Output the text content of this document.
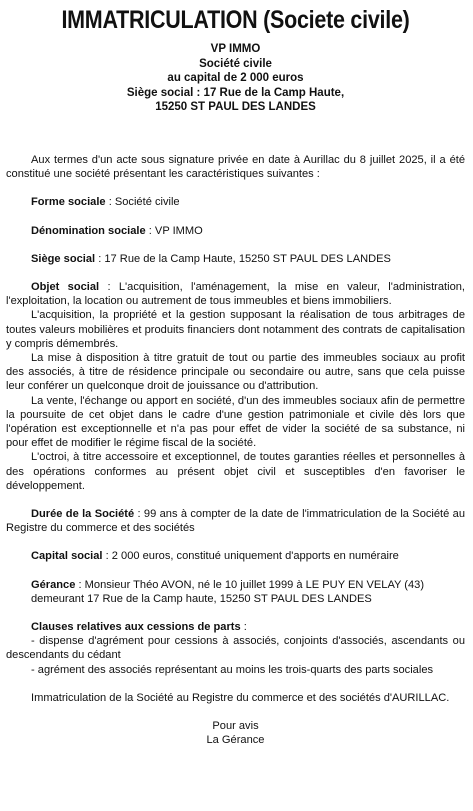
IMMATRICULATION (Societe civile)
VP IMMO
Société civile
au capital de 2 000 euros
Siège social : 17 Rue de la Camp Haute,
15250 ST PAUL DES LANDES

Aux termes d'un acte sous signature privée en date à Aurillac du 8 juillet 2025, il a été constitué une société présentant les caractéristiques suivantes :

Forme sociale : Société civile

Dénomination sociale : VP IMMO

Siège social : 17 Rue de la Camp Haute, 15250 ST PAUL DES LANDES

Objet social : L'acquisition, l'aménagement, la mise en valeur, l'administration, l'exploitation, la location ou autrement de tous immeubles et biens immobiliers.

L'acquisition, la propriété et la gestion supposant la réalisation de tous arbitrages de toutes valeurs mobilières et produits financiers dont notamment des contrats de capitalisation y compris démembrés.

La mise à disposition à titre gratuit de tout ou partie des immeubles sociaux au profit des associés, à titre de résidence principale ou secondaire ou autre, sans que cela puisse leur conférer un quelconque droit de jouissance ou d'attribution.

La vente, l'échange ou apport en société, d'un des immeubles sociaux afin de permettre la poursuite de cet objet dans le cadre d'une gestion patrimoniale et civile dès lors que l'opération est exceptionnelle et n'a pas pour effet de vider la société de sa substance, ni pour effet de modifier le régime fiscal de la société.

L'octroi, à titre accessoire et exceptionnel, de toutes garanties réelles et personnelles à des opérations conformes au présent objet civil et susceptibles d'en favoriser le développement.

Durée de la Société : 99 ans à compter de la date de l'immatriculation de la Société au Registre du commerce et des sociétés

Capital social : 2 000 euros, constitué uniquement d'apports en numéraire

Gérance : Monsieur Théo AVON, né le 10 juillet 1999 à LE PUY EN VELAY (43)

demeurant 17 Rue de la Camp haute, 15250 ST PAUL DES LANDES

Clauses relatives aux cessions de parts :

- dispense d'agrément pour cessions à associés, conjoints d'associés, ascendants ou descendants du cédant

- agrément des associés représentant au moins les trois-quarts des parts sociales

Immatriculation de la Société au Registre du commerce et des sociétés d'AURILLAC.

Pour avis

La Gérance
